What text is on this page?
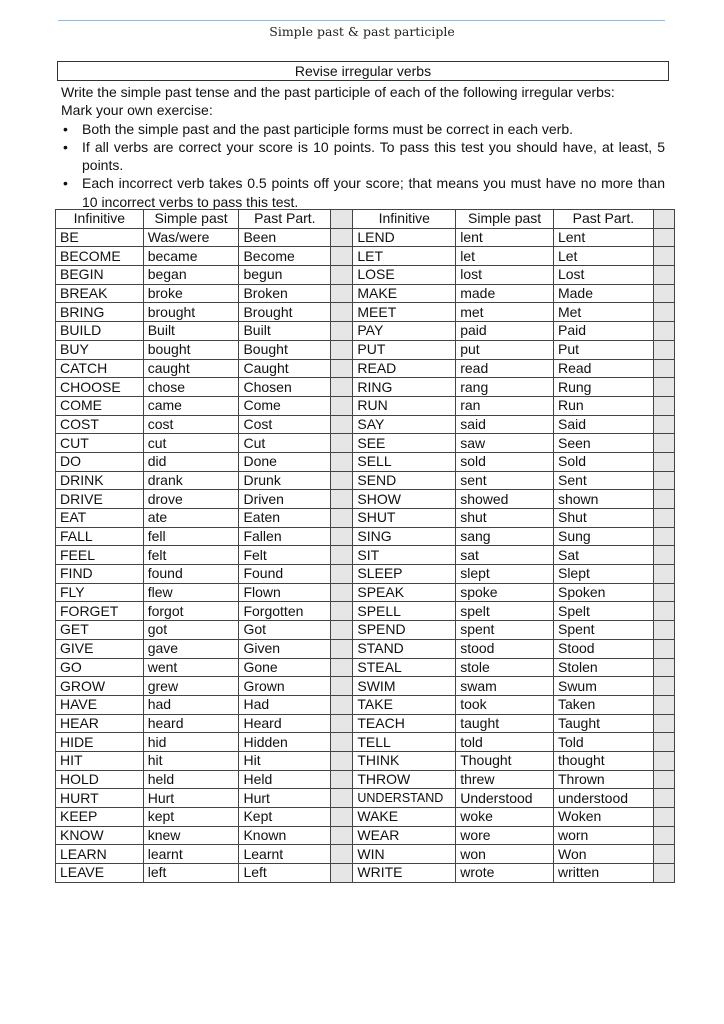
Simple past & past participle
Revise irregular verbs

Write the simple past tense and the past participle of each of the following irregular verbs:

Mark your own exercise:

• Both the simple past and the past participle forms must be correct in each verb.
• If all verbs are correct your score is 10 points. To pass this test you should have, at least, 5 points.
• Each incorrect verb takes 0.5 points off your score; that means you must have no more than 10 incorrect verbs to pass this test.
Infinitive	Simple past	Past Part.		Infinitive	Simple past	Past Part.	
BE	Was/were	Been		LEND	lent	Lent	
BECOME	became	Become		LET	let	Let	
BEGIN	began	begun		LOSE	lost	Lost	
BREAK	broke	Broken		MAKE	made	Made	
BRING	brought	Brought		MEET	met	Met	
BUILD	Built	Built		PAY	paid	Paid	
BUY	bought	Bought		PUT	put	Put	
CATCH	caught	Caught		READ	read	Read	
CHOOSE	chose	Chosen		RING	rang	Rung	
COME	came	Come		RUN	ran	Run	
COST	cost	Cost		SAY	said	Said	
CUT	cut	Cut		SEE	saw	Seen	
DO	did	Done		SELL	sold	Sold	
DRINK	drank	Drunk		SEND	sent	Sent	
DRIVE	drove	Driven		SHOW	showed	shown	
EAT	ate	Eaten		SHUT	shut	Shut	
FALL	fell	Fallen		SING	sang	Sung	
FEEL	felt	Felt		SIT	sat	Sat	
FIND	found	Found		SLEEP	slept	Slept	
FLY	flew	Flown		SPEAK	spoke	Spoken	
FORGET	forgot	Forgotten		SPELL	spelt	Spelt	
GET	got	Got		SPEND	spent	Spent	
GIVE	gave	Given		STAND	stood	Stood	
GO	went	Gone		STEAL	stole	Stolen	
GROW	grew	Grown		SWIM	swam	Swum	
HAVE	had	Had		TAKE	took	Taken	
HEAR	heard	Heard		TEACH	taught	Taught	
HIDE	hid	Hidden		TELL	told	Told	
HIT	hit	Hit		THINK	Thought	thought	
HOLD	held	Held		THROW	threw	Thrown	
HURT	Hurt	Hurt		UNDERSTAND	Understood	understood	
KEEP	kept	Kept		WAKE	woke	Woken	
KNOW	knew	Known		WEAR	wore	worn	
LEARN	learnt	Learnt		WIN	won	Won	
LEAVE	left	Left		WRITE	wrote	written	
